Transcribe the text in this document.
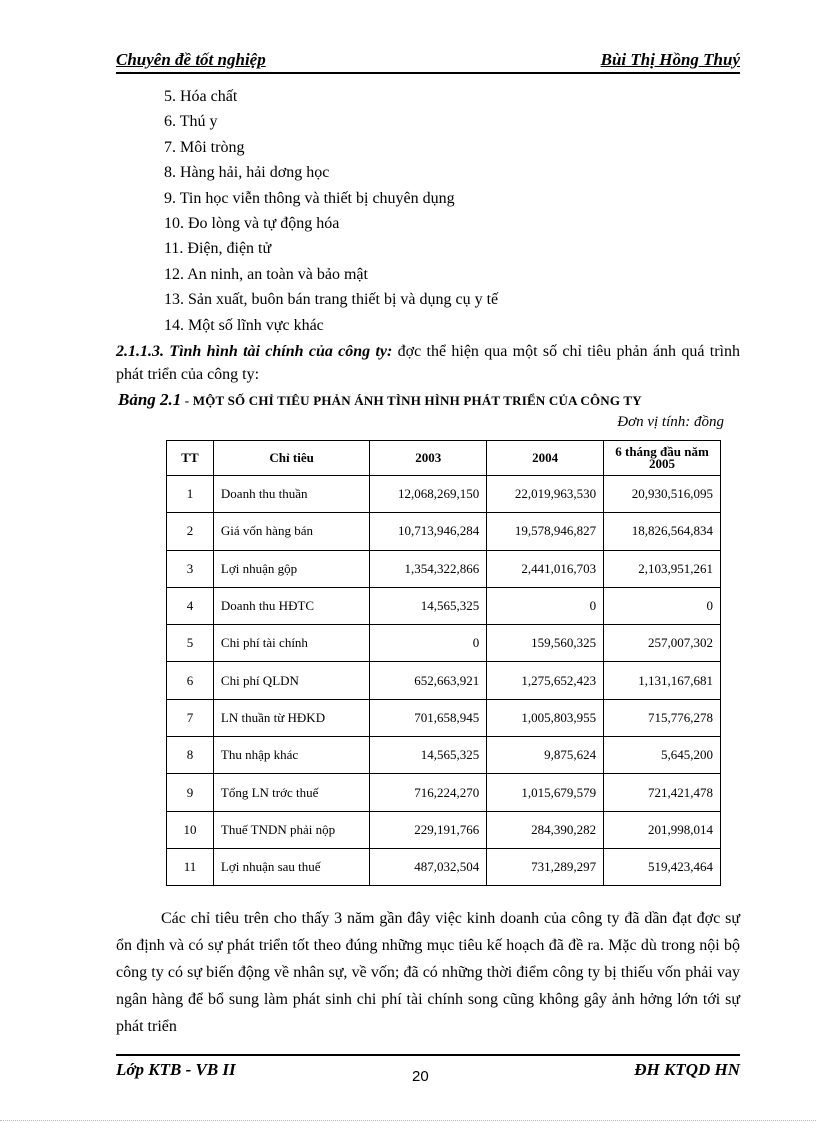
Chuyên đề tốt nghiệp	Bùi Thị Hồng Thuý
5. Hóa chất
6. Thú y
7. Môi tròng
8. Hàng hải, hải dơng học
9. Tin học viễn thông và thiết bị chuyên dụng
10. Đo lòng và tự động hóa
11. Điện, điện tử
12. An ninh, an toàn và bảo mật
13. Sản xuất, buôn bán trang thiết bị và dụng cụ y tế
14. Một số lĩnh vực khác
2.1.1.3. Tình hình tài chính của công ty: đợc thể hiện qua một số chỉ tiêu phản ánh quá trình phát triển của công ty:
Bảng 2.1 - MỘT SỐ CHỈ TIÊU PHẢN ÁNH TÌNH HÌNH PHÁT TRIỂN CỦA CÔNG TY
Đơn vị tính: đồng
TT	Chỉ tiêu	2003	2004	6 tháng đầu năm 2005
1	Doanh thu thuần	12,068,269,150	22,019,963,530	20,930,516,095
2	Giá vốn hàng bán	10,713,946,284	19,578,946,827	18,826,564,834
3	Lợi nhuận gộp	1,354,322,866	2,441,016,703	2,103,951,261
4	Doanh thu HĐTC	14,565,325	0	0
5	Chi phí tài chính	0	159,560,325	257,007,302
6	Chi phí QLDN	652,663,921	1,275,652,423	1,131,167,681
7	LN thuần từ HĐKD	701,658,945	1,005,803,955	715,776,278
8	Thu nhập khác	14,565,325	9,875,624	5,645,200
9	Tổng LN trớc thuế	716,224,270	1,015,679,579	721,421,478
10	Thuế TNDN phải nộp	229,191,766	284,390,282	201,998,014
11	Lợi nhuận sau thuế	487,032,504	731,289,297	519,423,464
Các chỉ tiêu trên cho thấy 3 năm gần đây việc kinh doanh của công ty đã dần đạt đợc sự ổn định và có sự phát triển tốt theo đúng những mục tiêu kế hoạch đã đề ra. Mặc dù trong nội bộ công ty có sự biến động về nhân sự, về vốn; đã có những thời điểm công ty bị thiếu vốn phải vay ngân hàng để bổ sung làm phát sinh chi phí tài chính song cũng không gây ảnh hởng lớn tới sự phát triển
Lớp KTB - VB II	20	ĐH KTQD HN
